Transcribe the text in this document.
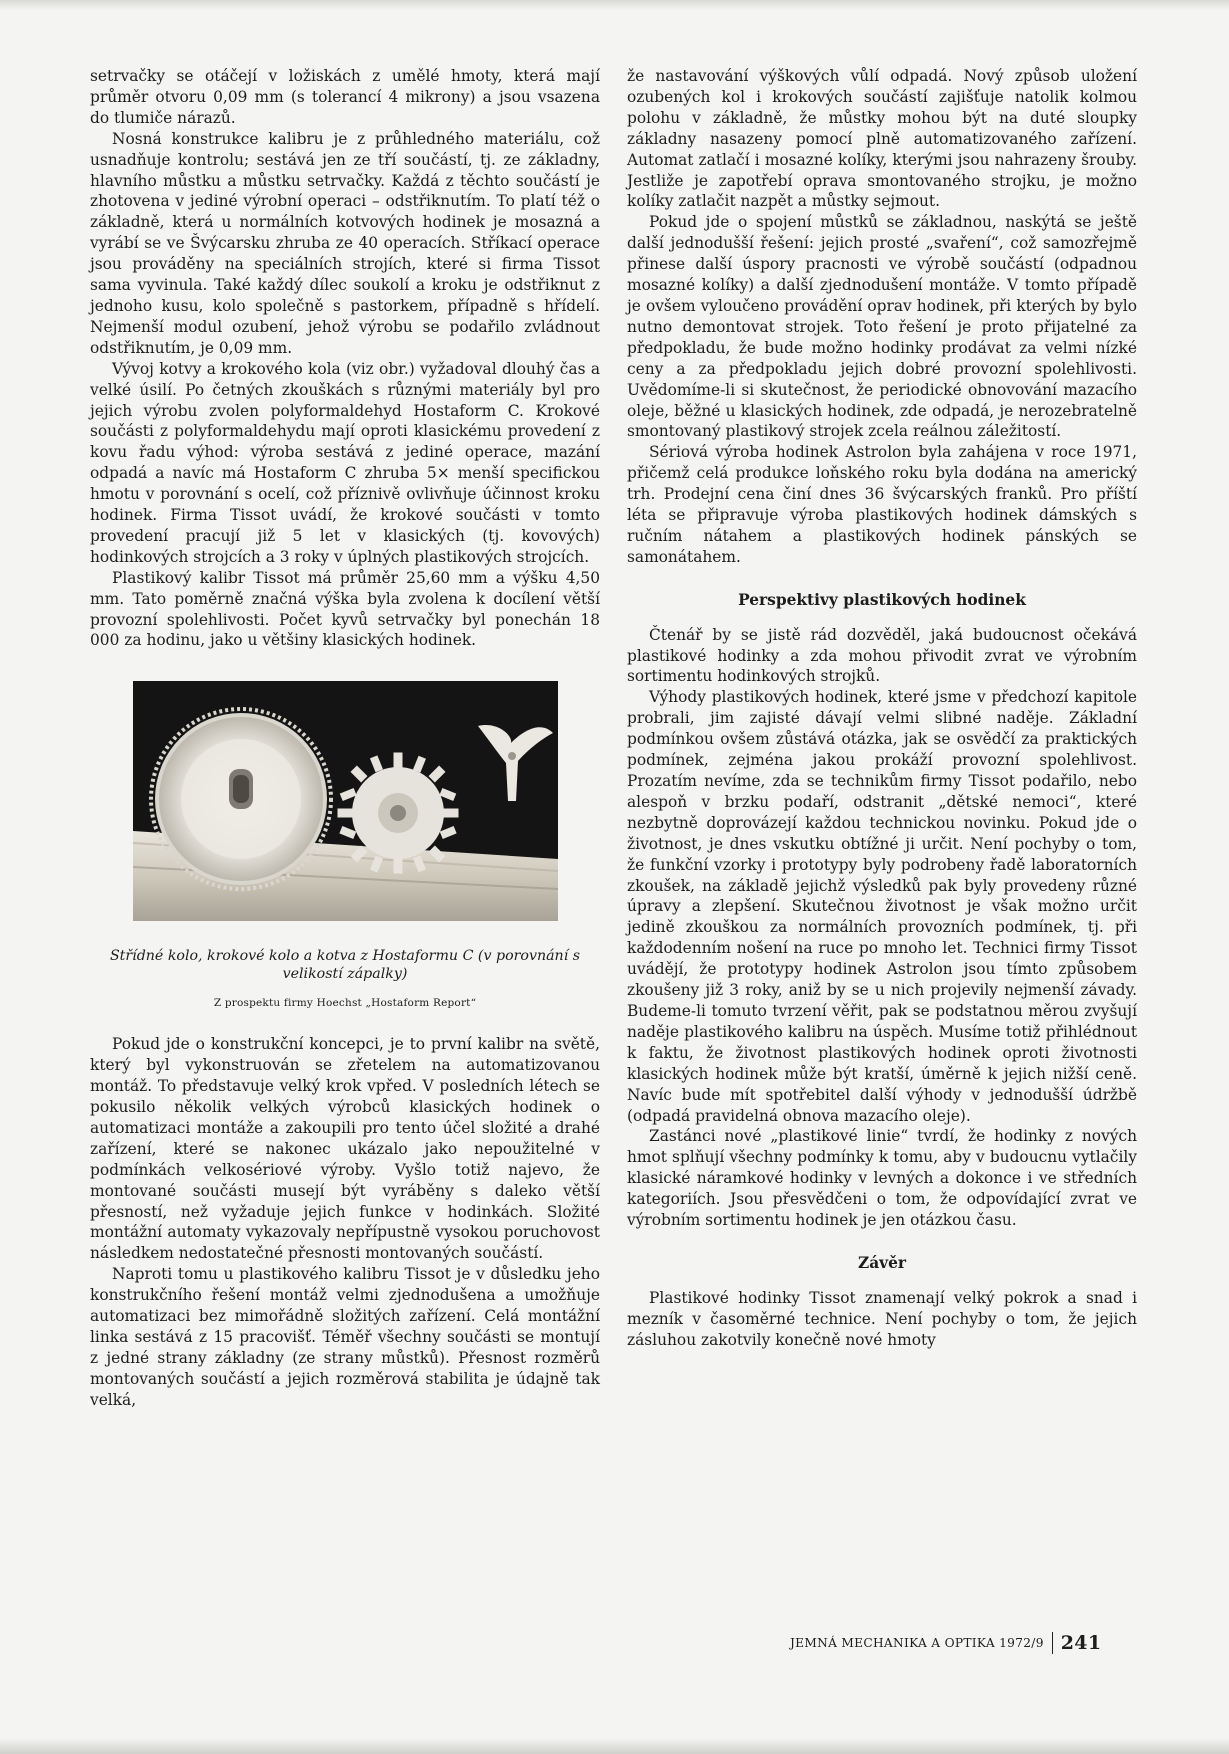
setrvačky se otáčejí v ložiskách z umělé hmoty, která mají průměr otvoru 0,09 mm (s tolerancí 4 mikrony) a jsou vsazena do tlumiče nárazů.

Nosná konstrukce kalibru je z průhledného materiálu, což usnadňuje kontrolu; sestává jen ze tří součástí, tj. ze základny, hlavního můstku a můstku setrvačky. Každá z těchto součástí je zhotovena v jediné výrobní operaci – odstřiknutím. To platí též o základně, která u normálních kotvových hodinek je mosazná a vyrábí se ve Švýcarsku zhruba ze 40 operacích. Stříkací operace jsou prováděny na speciálních strojích, které si firma Tissot sama vyvinula. Také každý dílec soukolí a kroku je odstřiknut z jednoho kusu, kolo společně s pastorkem, případně s hřídelí. Nejmenší modul ozubení, jehož výrobu se podařilo zvládnout odstřiknutím, je 0,09 mm.

Vývoj kotvy a krokového kola (viz obr.) vyžadoval dlouhý čas a velké úsilí. Po četných zkouškách s různými materiály byl pro jejich výrobu zvolen polyformaldehyd Hostaform C. Krokové součásti z polyformaldehydu mají oproti klasickému provedení z kovu řadu výhod: výroba sestává z jediné operace, mazání odpadá a navíc má Hostaform C zhruba 5× menší specifickou hmotu v porovnání s ocelí, což příznivě ovlivňuje účinnost kroku hodinek. Firma Tissot uvádí, že krokové součásti v tomto provedení pracují již 5 let v klasických (tj. kovových) hodinkových strojcích a 3 roky v úplných plastikových strojcích.

Plastikový kalibr Tissot má průměr 25,60 mm a výšku 4,50 mm. Tato poměrně značná výška byla zvolena k docílení větší provozní spolehlivosti. Počet kyvů setrvačky byl ponechán 18 000 za hodinu, jako u většiny klasických hodinek.

Střídné kolo, krokové kolo a kotva z Hostaformu C (v porovnání s velikostí zápalky)
Z prospektu firmy Hoechst „Hostaform Report“

Pokud jde o konstrukční koncepci, je to první kalibr na světě, který byl vykonstruován se zřetelem na automatizovanou montáž. To představuje velký krok vpřed. V posledních létech se pokusilo několik velkých výrobců klasických hodinek o automatizaci montáže a zakoupili pro tento účel složité a drahé zařízení, které se nakonec ukázalo jako nepoužitelné v podmínkách velkosériové výroby. Vyšlo totiž najevo, že montované součásti musejí být vyráběny s daleko větší přesností, než vyžaduje jejich funkce v hodinkách. Složité montážní automaty vykazovaly nepřípustně vysokou poruchovost následkem nedostatečné přesnosti montovaných součástí.

Naproti tomu u plastikového kalibru Tissot je v důsledku jeho konstrukčního řešení montáž velmi zjednodušena a umožňuje automatizaci bez mimořádně složitých zařízení. Celá montážní linka sestává z 15 pracovišť. Téměř všechny součásti se montují z jedné strany základny (ze strany můstků). Přesnost rozměrů montovaných součástí a jejich rozměrová stabilita je údajně tak velká,

že nastavování výškových vůlí odpadá. Nový způsob uložení ozubených kol i krokových součástí zajišťuje natolik kolmou polohu v základně, že můstky mohou být na duté sloupky základny nasazeny pomocí plně automatizovaného zařízení. Automat zatlačí i mosazné kolíky, kterými jsou nahrazeny šrouby. Jestliže je zapotřebí oprava smontovaného strojku, je možno kolíky zatlačit nazpět a můstky sejmout.

Pokud jde o spojení můstků se základnou, naskýtá se ještě další jednodušší řešení: jejich prosté „svaření“, což samozřejmě přinese další úspory pracnosti ve výrobě součástí (odpadnou mosazné kolíky) a další zjednodušení montáže. V tomto případě je ovšem vyloučeno provádění oprav hodinek, při kterých by bylo nutno demontovat strojek. Toto řešení je proto přijatelné za předpokladu, že bude možno hodinky prodávat za velmi nízké ceny a za předpokladu jejich dobré provozní spolehlivosti. Uvědomíme-li si skutečnost, že periodické obnovování mazacího oleje, běžné u klasických hodinek, zde odpadá, je nerozebratelně smontovaný plastikový strojek zcela reálnou záležitostí.

Sériová výroba hodinek Astrolon byla zahájena v roce 1971, přičemž celá produkce loňského roku byla dodána na americký trh. Prodejní cena činí dnes 36 švýcarských franků. Pro příští léta se připravuje výroba plastikových hodinek dámských s ručním nátahem a plastikových hodinek pánských se samonátahem.

Perspektivy plastikových hodinek

Čtenář by se jistě rád dozvěděl, jaká budoucnost očekává plastikové hodinky a zda mohou přivodit zvrat ve výrobním sortimentu hodinkových strojků.

Výhody plastikových hodinek, které jsme v předchozí kapitole probrali, jim zajisté dávají velmi slibné naděje. Základní podmínkou ovšem zůstává otázka, jak se osvědčí za praktických podmínek, zejména jakou prokáží provozní spolehlivost. Prozatím nevíme, zda se technikům firmy Tissot podařilo, nebo alespoň v brzku podaří, odstranit „dětské nemoci“, které nezbytně doprovázejí každou technickou novinku. Pokud jde o životnost, je dnes vskutku obtížné ji určit. Není pochyby o tom, že funkční vzorky i prototypy byly podrobeny řadě laboratorních zkoušek, na základě jejichž výsledků pak byly provedeny různé úpravy a zlepšení. Skutečnou životnost je však možno určit jedině zkouškou za normálních provozních podmínek, tj. při každodenním nošení na ruce po mnoho let. Technici firmy Tissot uvádějí, že prototypy hodinek Astrolon jsou tímto způsobem zkoušeny již 3 roky, aniž by se u nich projevily nejmenší závady. Budeme-li tomuto tvrzení věřit, pak se podstatnou měrou zvyšují naděje plastikového kalibru na úspěch. Musíme totiž přihlédnout k faktu, že životnost plastikových hodinek oproti životnosti klasických hodinek může být kratší, úměrně k jejich nižší ceně. Navíc bude mít spotřebitel další výhody v jednodušší údržbě (odpadá pravidelná obnova mazacího oleje).

Zastánci nové „plastikové linie“ tvrdí, že hodinky z nových hmot splňují všechny podmínky k tomu, aby v budoucnu vytlačily klasické náramkové hodinky v levných a dokonce i ve středních kategoriích. Jsou přesvědčeni o tom, že odpovídající zvrat ve výrobním sortimentu hodinek je jen otázkou času.

Závěr

Plastikové hodinky Tissot znamenají velký pokrok a snad i mezník v časoměrné technice. Není pochyby o tom, že jejich zásluhou zakotvily konečně nové hmoty

JEMNÁ MECHANIKA A OPTIKA 1972/9 241
